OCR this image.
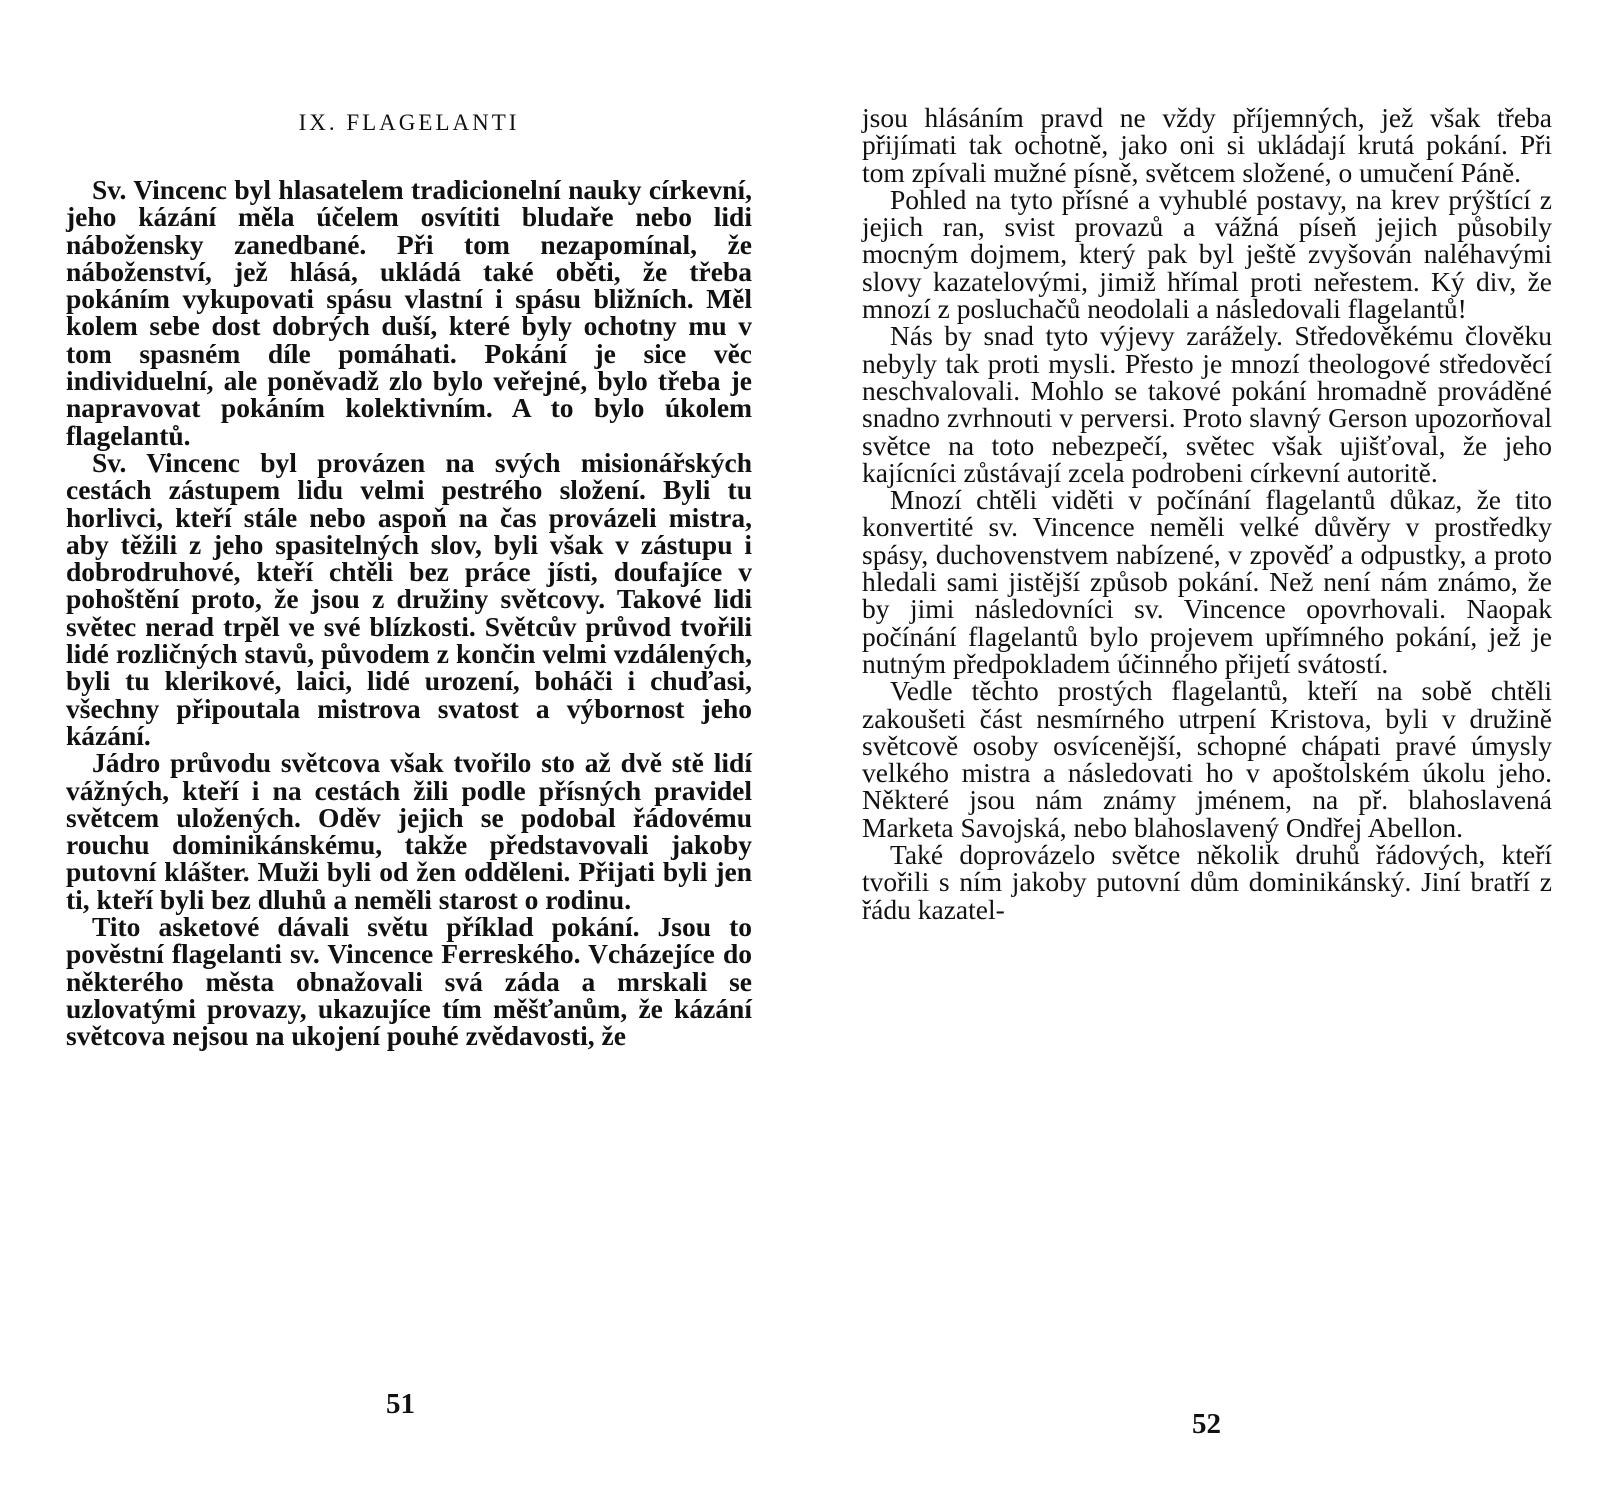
IX. FLAGELANTI

Sv. Vincenc byl hlasatelem tradicionelní nauky církevní, jeho kázání měla účelem osvítiti bludaře nebo lidi nábožensky zanedbané. Při tom nezapomínal, že náboženství, jež hlásá, ukládá také oběti, že třeba pokáním vykupovati spásu vlastní i spásu bližních. Měl kolem sebe dost dobrých duší, které byly ochotny mu v tom spasném díle pomáhati. Pokání je sice věc individuelní, ale poněvadž zlo bylo veřejné, bylo třeba je napravovat pokáním kolektivním. A to bylo úkolem flagelantů.

Sv. Vincenc byl provázen na svých misionářských cestách zástupem lidu velmi pestrého složení. Byli tu horlivci, kteří stále nebo aspoň na čas provázeli mistra, aby těžili z jeho spasitelných slov, byli však v zástupu i dobrodruhové, kteří chtěli bez práce jísti, doufajíce v pohoštění proto, že jsou z družiny světcovy. Takové lidi světec nerad trpěl ve své blízkosti. Světcův průvod tvořili lidé rozličných stavů, původem z končin velmi vzdálených, byli tu klerikové, laici, lidé urození, boháči i chuďasi, všechny připoutala mistrova svatost a výbornost jeho kázání.

Jádro průvodu světcova však tvořilo sto až dvě stě lidí vážných, kteří i na cestách žili podle přísných pravidel světcem uložených. Oděv jejich se podobal řádovému rouchu dominikánskému, takže představovali jakoby putovní klášter. Muži byli od žen odděleni. Přijati byli jen ti, kteří byli bez dluhů a neměli starost o rodinu.

Tito asketové dávali světu příklad pokání. Jsou to pověstní flagelanti sv. Vincence Ferreského. Vcházejíce do některého města obnažovali svá záda a mrskali se uzlovatými provazy, ukazujíce tím měšťanům, že kázání světcova nejsou na ukojení pouhé zvědavosti, že

51

jsou hlásáním pravd ne vždy příjemných, jež však třeba přijímati tak ochotně, jako oni si ukládají krutá pokání. Při tom zpívali mužné písně, světcem složené, o umučení Páně.

Pohled na tyto přísné a vyhublé postavy, na krev prýštící z jejich ran, svist provazů a vážná píseň jejich působily mocným dojmem, který pak byl ještě zvyšován naléhavými slovy kazatelovými, jimiž hřímal proti neřestem. Ký div, že mnozí z posluchačů neodolali a následovali flagelantů!

Nás by snad tyto výjevy zarážely. Středověkému člověku nebyly tak proti mysli. Přesto je mnozí theologové středověcí neschvalovali. Mohlo se takové pokání hromadně prováděné snadno zvrhnouti v perversi. Proto slavný Gerson upozorňoval světce na toto nebezpečí, světec však ujišťoval, že jeho kajícníci zůstávají zcela podrobeni církevní autoritě.

Mnozí chtěli viděti v počínání flagelantů důkaz, že tito konvertité sv. Vincence neměli velké důvěry v prostředky spásy, duchovenstvem nabízené, v zpověď a odpustky, a proto hledali sami jistější způsob pokání. Než není nám známo, že by jimi následovníci sv. Vincence opovrhovali. Naopak počínání flagelantů bylo projevem upřímného pokání, jež je nutným předpokladem účinného přijetí svátostí.

Vedle těchto prostých flagelantů, kteří na sobě chtěli zakoušeti část nesmírného utrpení Kristova, byli v družině světcově osoby osvícenější, schopné chápati pravé úmysly velkého mistra a následovati ho v apoštolském úkolu jeho. Některé jsou nám známy jménem, na př. blahoslavená Marketa Savojská, nebo blahoslavený Ondřej Abellon.

Také doprovázelo světce několik druhů řádových, kteří tvořili s ním jakoby putovní dům dominikánský. Jiní bratří z řádu kazatel-

52
